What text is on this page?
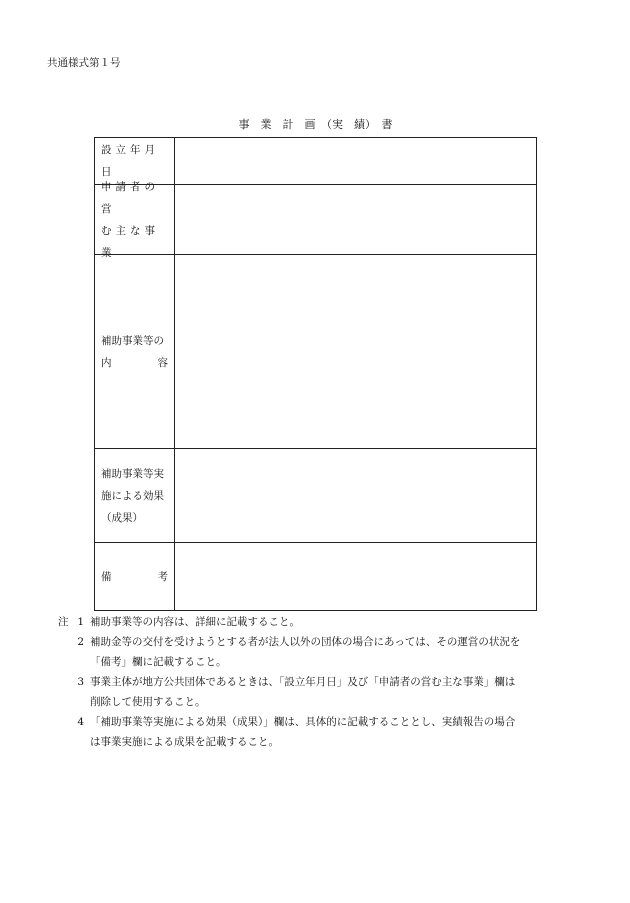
共通様式第１号
事　業　計　画　（実　績）　書
設立年月日
申請者の営
む主な事業
補助事業等の
内	容
補助事業等実
施による効果
（成果）
備	考
注 1 補助事業等の内容は、詳細に記載すること。
2 補助金等の交付を受けようとする者が法人以外の団体の場合にあっては、その運営の状況を
「備考」欄に記載すること。
3 事業主体が地方公共団体であるときは、「設立年月日」及び「申請者の営む主な事業」欄は
削除して使用すること。
4 「補助事業等実施による効果（成果）」欄は、具体的に記載することとし、実績報告の場合
は事業実施による成果を記載すること。
